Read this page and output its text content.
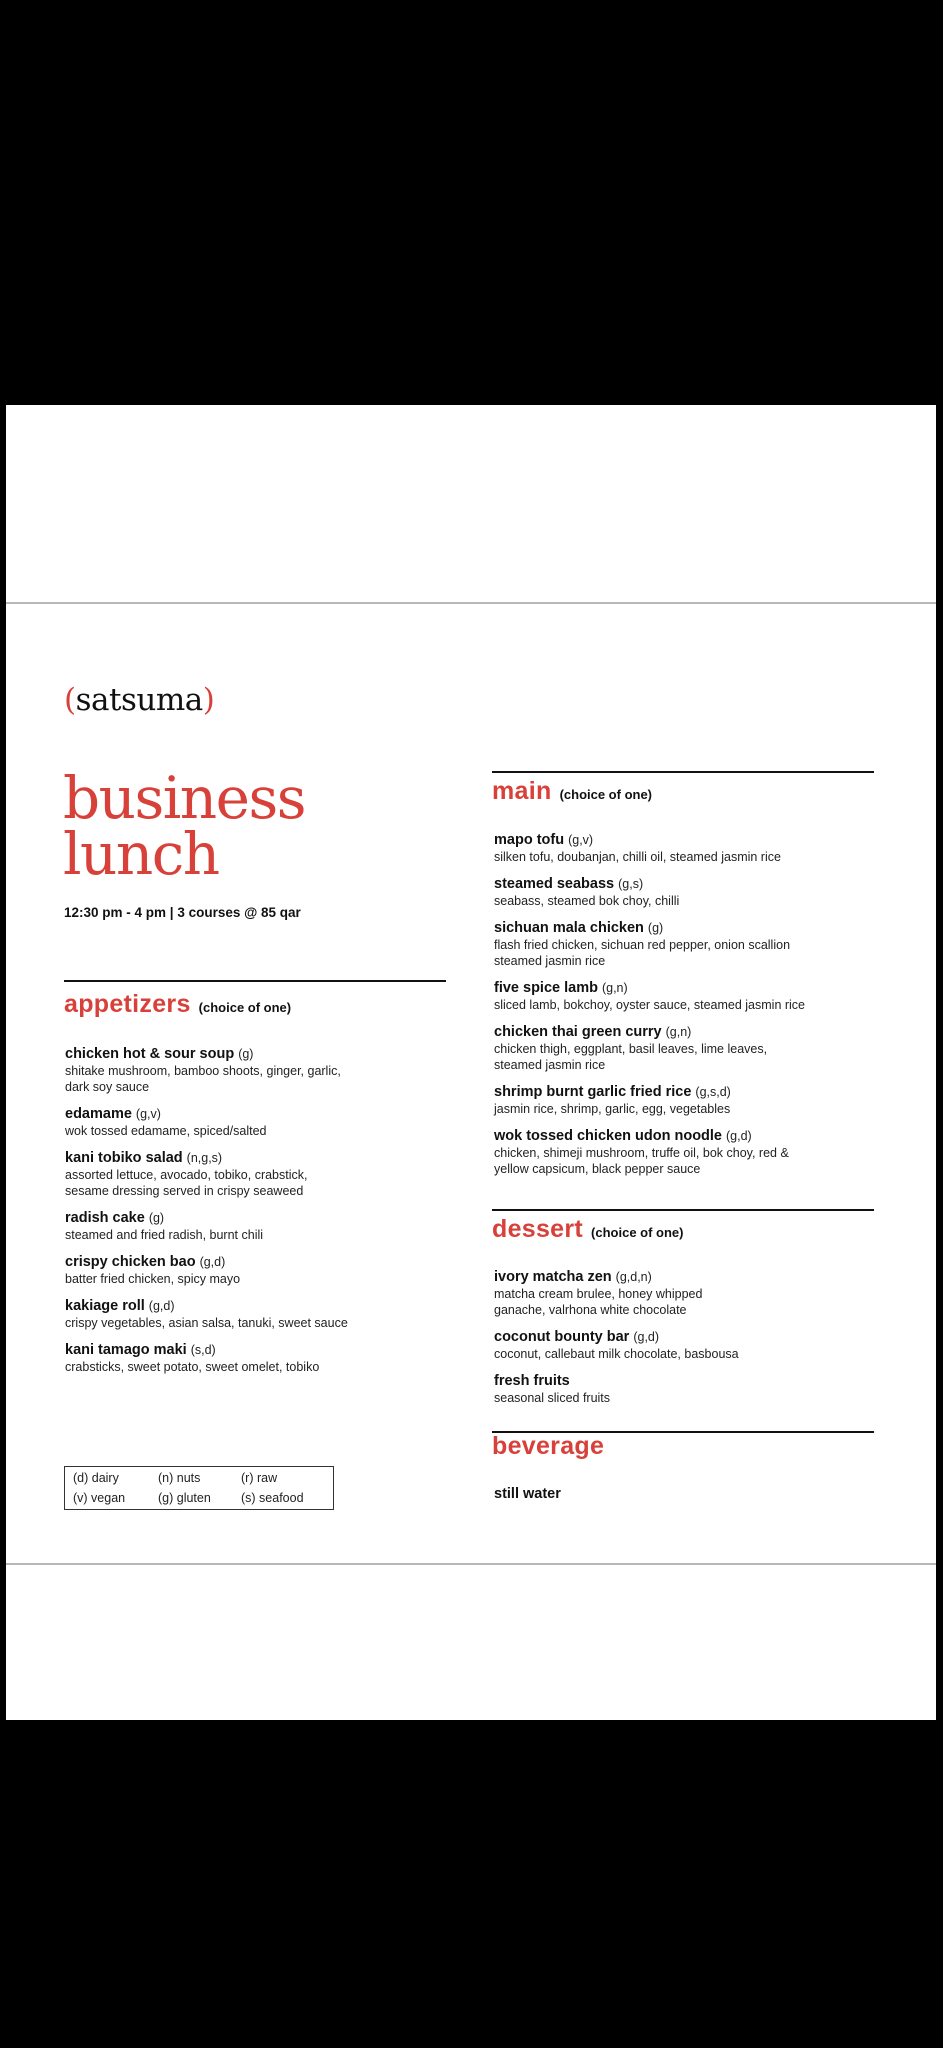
(satsuma)
business
lunch
12:30 pm - 4 pm | 3 courses @ 85 qar
appetizers (choice of one)
chicken hot & sour soup (g)
shitake mushroom, bamboo shoots, ginger, garlic,
dark soy sauce
edamame (g,v)
wok tossed edamame, spiced/salted
kani tobiko salad (n,g,s)
assorted lettuce, avocado, tobiko, crabstick,
sesame dressing served in crispy seaweed
radish cake (g)
steamed and fried radish, burnt chili
crispy chicken bao (g,d)
batter fried chicken, spicy mayo
kakiage roll (g,d)
crispy vegetables, asian salsa, tanuki, sweet sauce
kani tamago maki (s,d)
crabsticks, sweet potato, sweet omelet, tobiko
main (choice of one)
mapo tofu (g,v)
silken tofu, doubanjan, chilli oil, steamed jasmin rice
steamed seabass (g,s)
seabass, steamed bok choy, chilli
sichuan mala chicken (g)
flash fried chicken, sichuan red pepper, onion scallion
steamed jasmin rice
five spice lamb (g,n)
sliced lamb, bokchoy, oyster sauce, steamed jasmin rice
chicken thai green curry (g,n)
chicken thigh, eggplant, basil leaves, lime leaves,
steamed jasmin rice
shrimp burnt garlic fried rice (g,s,d)
jasmin rice, shrimp, garlic, egg, vegetables
wok tossed chicken udon noodle (g,d)
chicken, shimeji mushroom, truffe oil, bok choy, red &
yellow capsicum, black pepper sauce
dessert (choice of one)
ivory matcha zen (g,d,n)
matcha cream brulee, honey whipped
ganache, valrhona white chocolate
coconut bounty bar (g,d)
coconut, callebaut milk chocolate, basbousa
fresh fruits
seasonal sliced fruits
beverage
still water
(d) dairy	(n) nuts	(r) raw
(v) vegan	(g) gluten (s) seafood
